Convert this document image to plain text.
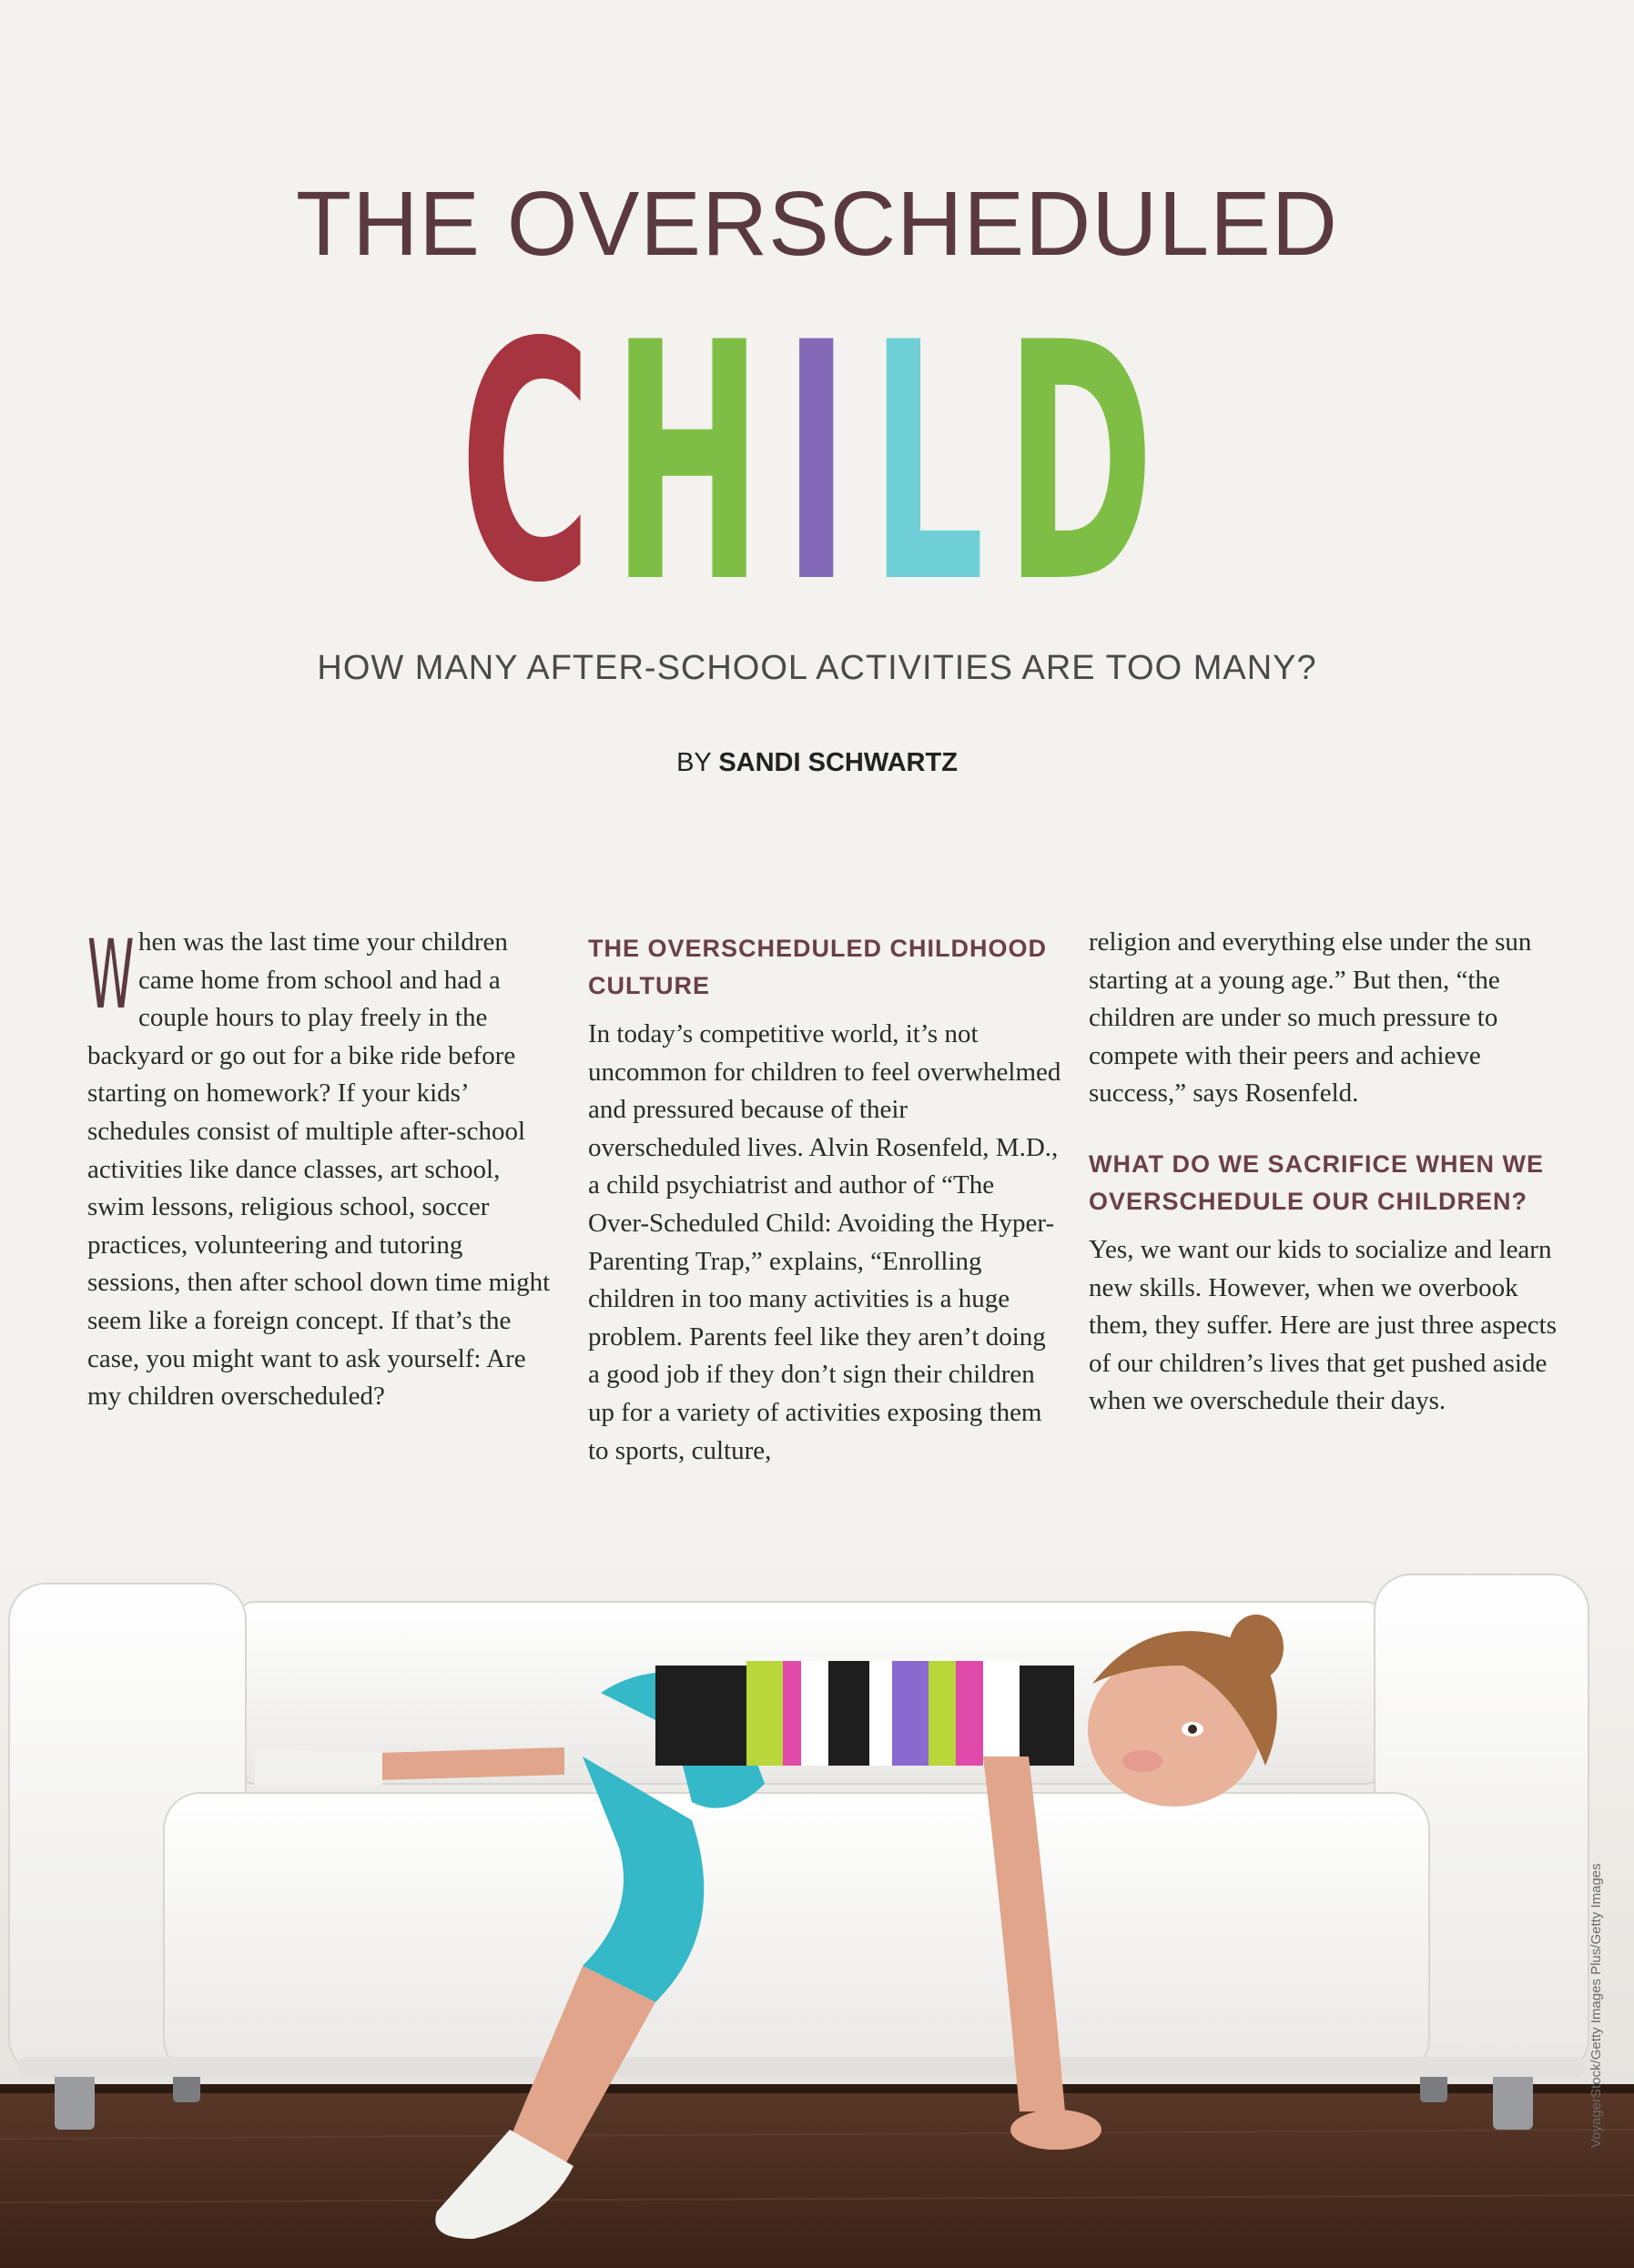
THE OVERSCHEDULED
CHILD
HOW MANY AFTER-SCHOOL ACTIVITIES ARE TOO MANY?
BY SANDI SCHWARTZ

When was the last time your children came home from school and had a couple hours to play freely in the backyard or go out for a bike ride before starting on homework? If your kids’ schedules consist of multiple after-school activities like dance classes, art school, swim lessons, religious school, soccer practices, volunteering and tutoring sessions, then after school down time might seem like a foreign concept. If that’s the case, you might want to ask yourself: Are my children overscheduled?

THE OVERSCHEDULED CHILDHOOD CULTURE

In today’s competitive world, it’s not uncommon for children to feel overwhelmed and pressured because of their overscheduled lives. Alvin Rosenfeld, M.D., a child psychiatrist and author of “The Over-Scheduled Child: Avoiding the Hyper-Parenting Trap,” explains, “Enrolling children in too many activities is a huge problem. Parents feel like they aren’t doing a good job if they don’t sign their children up for a variety of activities exposing them to sports, culture,

religion and everything else under the sun starting at a young age.” But then, “the children are under so much pressure to compete with their peers and achieve success,” says Rosenfeld.

WHAT DO WE SACRIFICE WHEN WE OVERSCHEDULE OUR CHILDREN?

Yes, we want our kids to socialize and learn new skills. However, when we overbook them, they suffer. Here are just three aspects of our children’s lives that get pushed aside when we overschedule their days.

VoyagerStock/Getty Images Plus/Getty Images
